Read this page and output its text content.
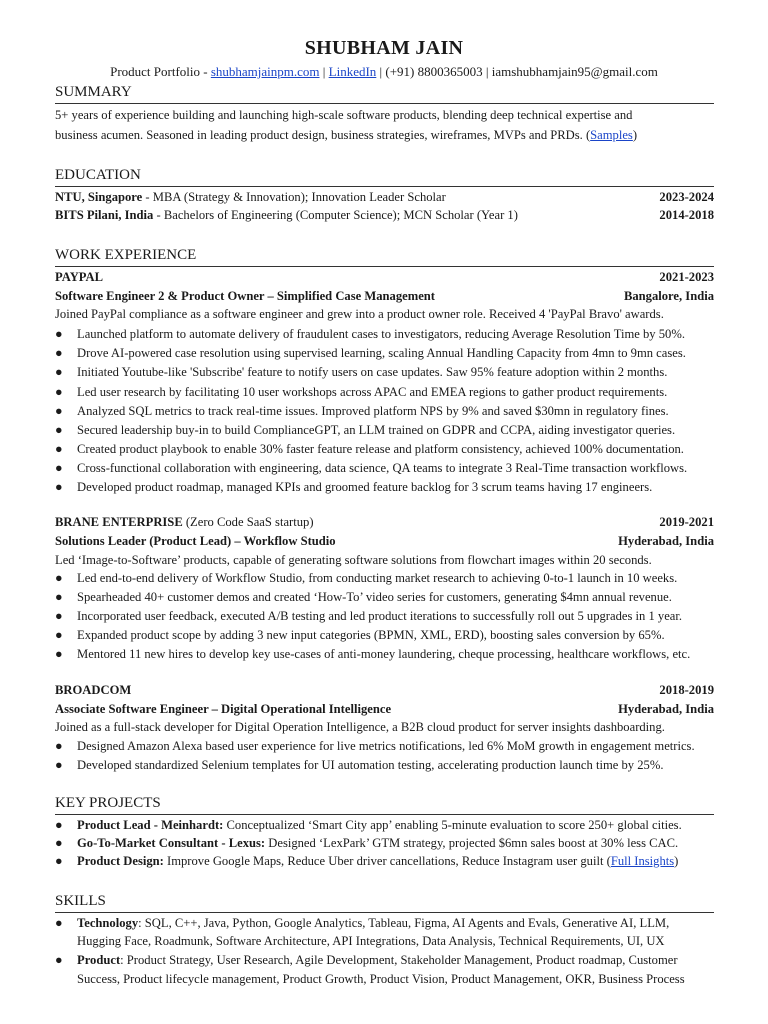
SHUBHAM JAIN
Product Portfolio - shubhamjainpm.com | LinkedIn | (+91) 8800365003 | iamshubhamjain95@gmail.com
SUMMARY
5+ years of experience building and launching high-scale software products, blending deep technical expertise and
business acumen. Seasoned in leading product design, business strategies, wireframes, MVPs and PRDs. (Samples)
EDUCATION
NTU, Singapore - MBA (Strategy & Innovation); Innovation Leader Scholar	2023-2024
BITS Pilani, India - Bachelors of Engineering (Computer Science); MCN Scholar (Year 1)	2014-2018
WORK EXPERIENCE
PAYPAL	2021-2023
Software Engineer 2 & Product Owner – Simplified Case Management	Bangalore, India
Joined PayPal compliance as a software engineer and grew into a product owner role. Received 4 'PayPal Bravo' awards.
● Launched platform to automate delivery of fraudulent cases to investigators, reducing Average Resolution Time by 50%.
● Drove AI-powered case resolution using supervised learning, scaling Annual Handling Capacity from 4mn to 9mn cases.
● Initiated Youtube-like 'Subscribe' feature to notify users on case updates. Saw 95% feature adoption within 2 months.
● Led user research by facilitating 10 user workshops across APAC and EMEA regions to gather product requirements.
● Analyzed SQL metrics to track real-time issues. Improved platform NPS by 9% and saved $30mn in regulatory fines.
● Secured leadership buy-in to build ComplianceGPT, an LLM trained on GDPR and CCPA, aiding investigator queries.
● Created product playbook to enable 30% faster feature release and platform consistency, achieved 100% documentation.
● Cross-functional collaboration with engineering, data science, QA teams to integrate 3 Real-Time transaction workflows.
● Developed product roadmap, managed KPIs and groomed feature backlog for 3 scrum teams having 17 engineers.
BRANE ENTERPRISE (Zero Code SaaS startup)	2019-2021
Solutions Leader (Product Lead) – Workflow Studio	Hyderabad, India
Led ‘Image-to-Software’ products, capable of generating software solutions from flowchart images within 20 seconds.
● Led end-to-end delivery of Workflow Studio, from conducting market research to achieving 0-to-1 launch in 10 weeks.
● Spearheaded 40+ customer demos and created ‘How-To’ video series for customers, generating $4mn annual revenue.
● Incorporated user feedback, executed A/B testing and led product iterations to successfully roll out 5 upgrades in 1 year.
● Expanded product scope by adding 3 new input categories (BPMN, XML, ERD), boosting sales conversion by 65%.
● Mentored 11 new hires to develop key use-cases of anti-money laundering, cheque processing, healthcare workflows, etc.
BROADCOM	2018-2019
Associate Software Engineer – Digital Operational Intelligence	Hyderabad, India
Joined as a full-stack developer for Digital Operation Intelligence, a B2B cloud product for server insights dashboarding.
● Designed Amazon Alexa based user experience for live metrics notifications, led 6% MoM growth in engagement metrics.
● Developed standardized Selenium templates for UI automation testing, accelerating production launch time by 25%.
KEY PROJECTS
● Product Lead - Meinhardt: Conceptualized ‘Smart City app’ enabling 5-minute evaluation to score 250+ global cities.
● Go-To-Market Consultant - Lexus: Designed ‘LexPark’ GTM strategy, projected $6mn sales boost at 30% less CAC.
● Product Design: Improve Google Maps, Reduce Uber driver cancellations, Reduce Instagram user guilt (Full Insights)
SKILLS
● Technology: SQL, C++, Java, Python, Google Analytics, Tableau, Figma, AI Agents and Evals, Generative AI, LLM,
Hugging Face, Roadmunk, Software Architecture, API Integrations, Data Analysis, Technical Requirements, UI, UX
● Product: Product Strategy, User Research, Agile Development, Stakeholder Management, Product roadmap, Customer
Success, Product lifecycle management, Product Growth, Product Vision, Product Management, OKR, Business Process
